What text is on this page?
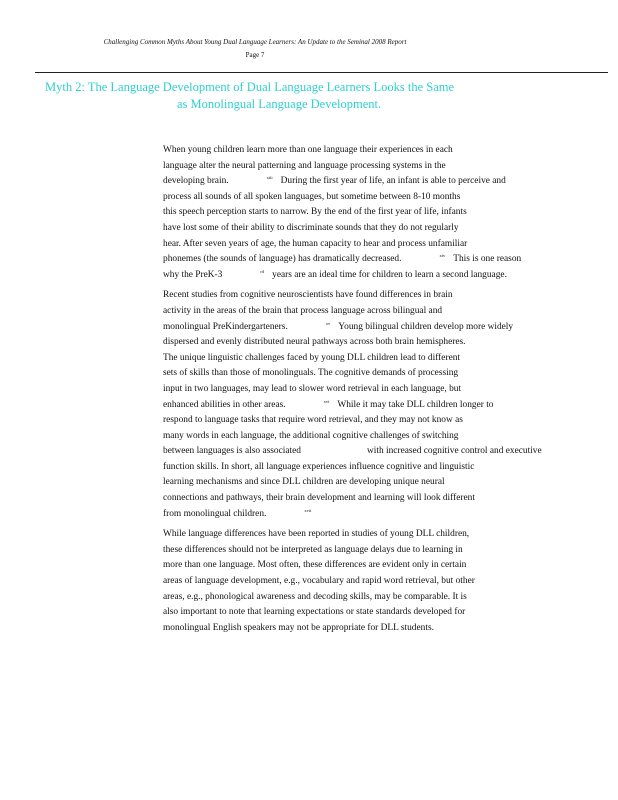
Challenging Common Myths About Young Dual Language Learners: An Update to the Seminal 2008 Report
Page 7
Myth 2: The Language Development of Dual Language Learners Looks the Same
as Monolingual Language Development.
When young children learn more than one language their experiences in each
language alter the neural patterning and language processing systems in the
developing brain.	$^{xiii}$ During the first year of life, an infant is able to perceive and
process all sounds of all spoken languages, but sometime between 8-10 months
this speech perception starts to narrow. By the end of the first year of life, infants
have lost some of their ability to discriminate sounds that they do not regularly
hear. After seven years of age, the human capacity to hear and process unfamiliar
phonemes (the sounds of language) has dramatically decreased.	$^{xiv}$ This is one reason
why the PreK-3	$^{rd}$ years are an ideal time for children to learn a second language.
Recent studies from cognitive neuroscientists have found differences in brain
activity in the areas of the brain that process language across bilingual and
monolingual PreKindergarteners.	$^{xv}$ Young bilingual children develop more widely
dispersed and evenly distributed neural pathways across both brain hemispheres.
The unique linguistic challenges faced by young DLL children lead to different
sets of skills than those of monolinguals. The cognitive demands of processing
input in two languages, may lead to slower word retrieval in each language, but
enhanced abilities in other areas.	$^{xvi}$ While it may take DLL children longer to
respond to language tasks that require word retrieval, and they may not know as
many words in each language, the additional cognitive challenges of switching
between languages is also associated	with increased cognitive control and executive
function skills. In short, all language experiences influence cognitive and linguistic
learning mechanisms and since DLL children are developing unique neural
connections and pathways, their brain development and learning will look different
from monolingual children.	$^{xvii}$
While language differences have been reported in studies of young DLL children,
these differences should not be interpreted as language delays due to learning in
more than one language. Most often, these differences are evident only in certain
areas of language development, e.g., vocabulary and rapid word retrieval, but other
areas, e.g., phonological awareness and decoding skills, may be comparable. It is
also important to note that learning expectations or state standards developed for
monolingual English speakers may not be appropriate for DLL students.
